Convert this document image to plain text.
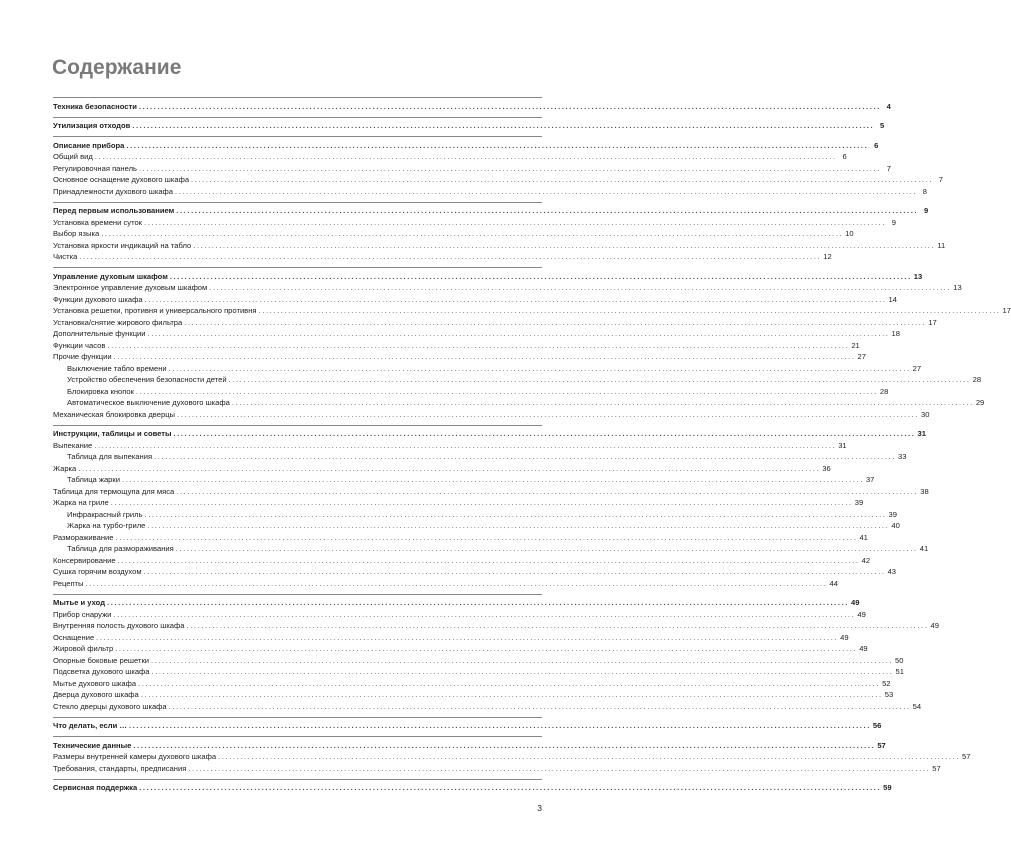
Содержание
Техника безопасности ........................................................................................................................................................................................................ 4
Утилизация отходов ........................................................................................................................................................................................................ 5
Описание прибора ........................................................................................................................................................................................................ 6
Общий вид ........................................................................................................................................................................................................ 6
Регулировочная панель ........................................................................................................................................................................................................ 7
Основное оснащение духового шкафа ........................................................................................................................................................................................................ 7
Принадлежности духового шкафа ........................................................................................................................................................................................................ 8
Перед первым использованием ........................................................................................................................................................................................................ 9
Установка времени суток ........................................................................................................................................................................................................ 9
Выбор языка ........................................................................................................................................................................................................ 10
Установка яркости индикаций на табло ........................................................................................................................................................................................................ 11
Чистка ........................................................................................................................................................................................................ 12
Управление духовым шкафом ........................................................................................................................................................................................................ 13
Электронное управление духовым шкафом ........................................................................................................................................................................................................ 13
Функции духового шкафа ........................................................................................................................................................................................................ 14
Установка решетки, противня и универсального противня ........................................................................................................................................................................................................ 17
Установка/снятие жирового фильтра ........................................................................................................................................................................................................ 17
Дополнительные функции ........................................................................................................................................................................................................ 18
Функции часов ........................................................................................................................................................................................................ 21
Прочие функции ........................................................................................................................................................................................................ 27
Выключение табло времени ........................................................................................................................................................................................................ 27
Устройство обеспечения безопасности детей ........................................................................................................................................................................................................ 28
Блокировка кнопок ........................................................................................................................................................................................................ 28
Автоматическое выключение духового шкафа ........................................................................................................................................................................................................ 29
Механическая блокировка дверцы ........................................................................................................................................................................................................ 30
Инструкции, таблицы и советы ........................................................................................................................................................................................................ 31
Выпекание ........................................................................................................................................................................................................ 31
Таблица для выпекания ........................................................................................................................................................................................................ 33
Жарка ........................................................................................................................................................................................................ 36
Таблица жарки ........................................................................................................................................................................................................ 37
Таблица для термощупа для мяса ........................................................................................................................................................................................................ 38
Жарка на гриле ........................................................................................................................................................................................................ 39
Инфракрасный гриль ........................................................................................................................................................................................................ 39
Жарка на турбо-гриле ........................................................................................................................................................................................................ 40
Размораживание ........................................................................................................................................................................................................ 41
Таблица для размораживания ........................................................................................................................................................................................................ 41
Консервирование ........................................................................................................................................................................................................ 42
Сушка горячим воздухом ........................................................................................................................................................................................................ 43
Рецепты ........................................................................................................................................................................................................ 44
Мытье и уход ........................................................................................................................................................................................................ 49
Прибор снаружи ........................................................................................................................................................................................................ 49
Внутренняя полость духового шкафа ........................................................................................................................................................................................................ 49
Оснащение ........................................................................................................................................................................................................ 49
Жировой фильтр ........................................................................................................................................................................................................ 49
Опорные боковые решетки ........................................................................................................................................................................................................ 50
Подсветка духового шкафа ........................................................................................................................................................................................................ 51
Мытье духового шкафа ........................................................................................................................................................................................................ 52
Дверца духового шкафа ........................................................................................................................................................................................................ 53
Стекло дверцы духового шкафа ........................................................................................................................................................................................................ 54
Что делать, если … ........................................................................................................................................................................................................ 56
Технические данные ........................................................................................................................................................................................................ 57
Размеры внутренней камеры духового шкафа ........................................................................................................................................................................................................ 57
Требования, стандарты, предписания ........................................................................................................................................................................................................ 57
Сервисная поддержка ........................................................................................................................................................................................................ 59
3
